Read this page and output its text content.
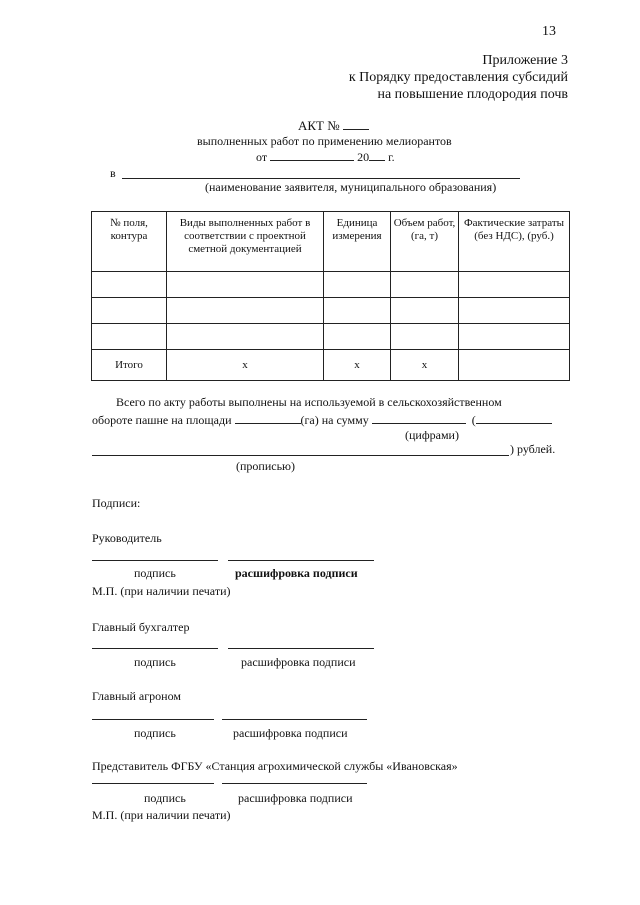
13
Приложение 3
к Порядку предоставления субсидий
на повышение плодородия почв
АКТ №
выполненных работ по применению мелиорантов
от	20 г.
в
(наименование заявителя, муниципального образования)
№ поля, контура	Виды выполненных работ в соответствии с проектной сметной документацией	Единица измерения	Объем работ, (га, т)	Фактические затраты (без НДС), (руб.)

Итого	х	х	х	
Всего по акту работы выполнены на используемой в сельскохозяйственном
обороте пашне на площади	(га) на сумму	(
(цифрами)
) рублей.
(прописью)
Подписи:
Руководитель
подпись	расшифровка подписи
М.П. (при наличии печати)
Главный бухгалтер
подпись	расшифровка подписи
Главный агроном
подпись	расшифровка подписи
Представитель ФГБУ «Станция агрохимической службы «Ивановская»
подпись	расшифровка подписи
М.П. (при наличии печати)
